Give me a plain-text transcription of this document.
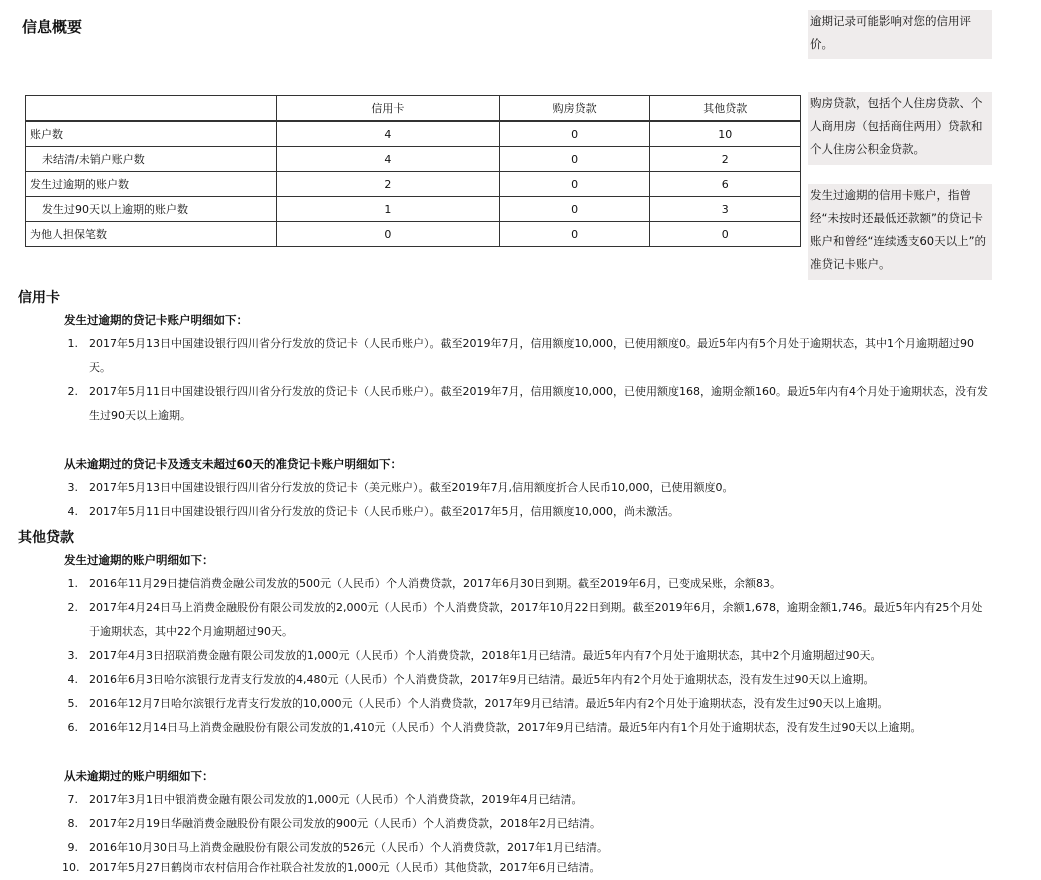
信息概要	逾期记录可能影响对您的信用评价。
购房贷款，包括个人住房贷款、个人商用房（包括商住两用）贷款和个人住房公积金贷款。
发生过逾期的信用卡账户，指曾经“未按时还最低还款额”的贷记卡账户和曾经“连续透支60天以上”的准贷记卡账户。
	信用卡	购房贷款	其他贷款
账户数	4	0	10
未结清/未销户账户数	4	0	2
发生过逾期的账户数	2	0	6
发生过90天以上逾期的账户数	1	0	3
为他人担保笔数	0	0	0
信用卡
发生过逾期的贷记卡账户明细如下：
1. 2017年5月13日中国建设银行四川省分行发放的贷记卡（人民币账户）。截至2019年7月，信用额度10,000，已使用额度0。最近5年内有5个月处于逾期状态，其中1个月逾期超过90天。
2. 2017年5月11日中国建设银行四川省分行发放的贷记卡（人民币账户）。截至2019年7月，信用额度10,000，已使用额度168，逾期金额160。最近5年内有4个月处于逾期状态，没有发生过90天以上逾期。
从未逾期过的贷记卡及透支未超过60天的准贷记卡账户明细如下：
3. 2017年5月13日中国建设银行四川省分行发放的贷记卡（美元账户）。截至2019年7月,信用额度折合人民币10,000，已使用额度0。
4. 2017年5月11日中国建设银行四川省分行发放的贷记卡（人民币账户）。截至2017年5月，信用额度10,000，尚未激活。
其他贷款
发生过逾期的账户明细如下：
1. 2016年11月29日捷信消费金融公司发放的500元（人民币）个人消费贷款，2017年6月30日到期。截至2019年6月，已变成呆账，余额83。
2. 2017年4月24日马上消费金融股份有限公司发放的2,000元（人民币）个人消费贷款，2017年10月22日到期。截至2019年6月，余额1,678，逾期金额1,746。最近5年内有25个月处于逾期状态，其中22个月逾期超过90天。
3. 2017年4月3日招联消费金融有限公司发放的1,000元（人民币）个人消费贷款，2018年1月已结清。最近5年内有7个月处于逾期状态，其中2个月逾期超过90天。
4. 2016年6月3日哈尔滨银行龙青支行发放的4,480元（人民币）个人消费贷款，2017年9月已结清。最近5年内有2个月处于逾期状态，没有发生过90天以上逾期。
5. 2016年12月7日哈尔滨银行龙青支行发放的10,000元（人民币）个人消费贷款，2017年9月已结清。最近5年内有2个月处于逾期状态，没有发生过90天以上逾期。
6. 2016年12月14日马上消费金融股份有限公司发放的1,410元（人民币）个人消费贷款，2017年9月已结清。最近5年内有1个月处于逾期状态，没有发生过90天以上逾期。
从未逾期过的账户明细如下：
7. 2017年3月1日中银消费金融有限公司发放的1,000元（人民币）个人消费贷款，2019年4月已结清。
8. 2017年2月19日华融消费金融股份有限公司发放的900元（人民币）个人消费贷款，2018年2月已结清。
9. 2016年10月30日马上消费金融股份有限公司发放的526元（人民币）个人消费贷款，2017年1月已结清。
10. 2017年5月27日鹤岗市农村信用合作社联合社发放的1,000元（人民币）其他贷款，2017年6月已结清。
